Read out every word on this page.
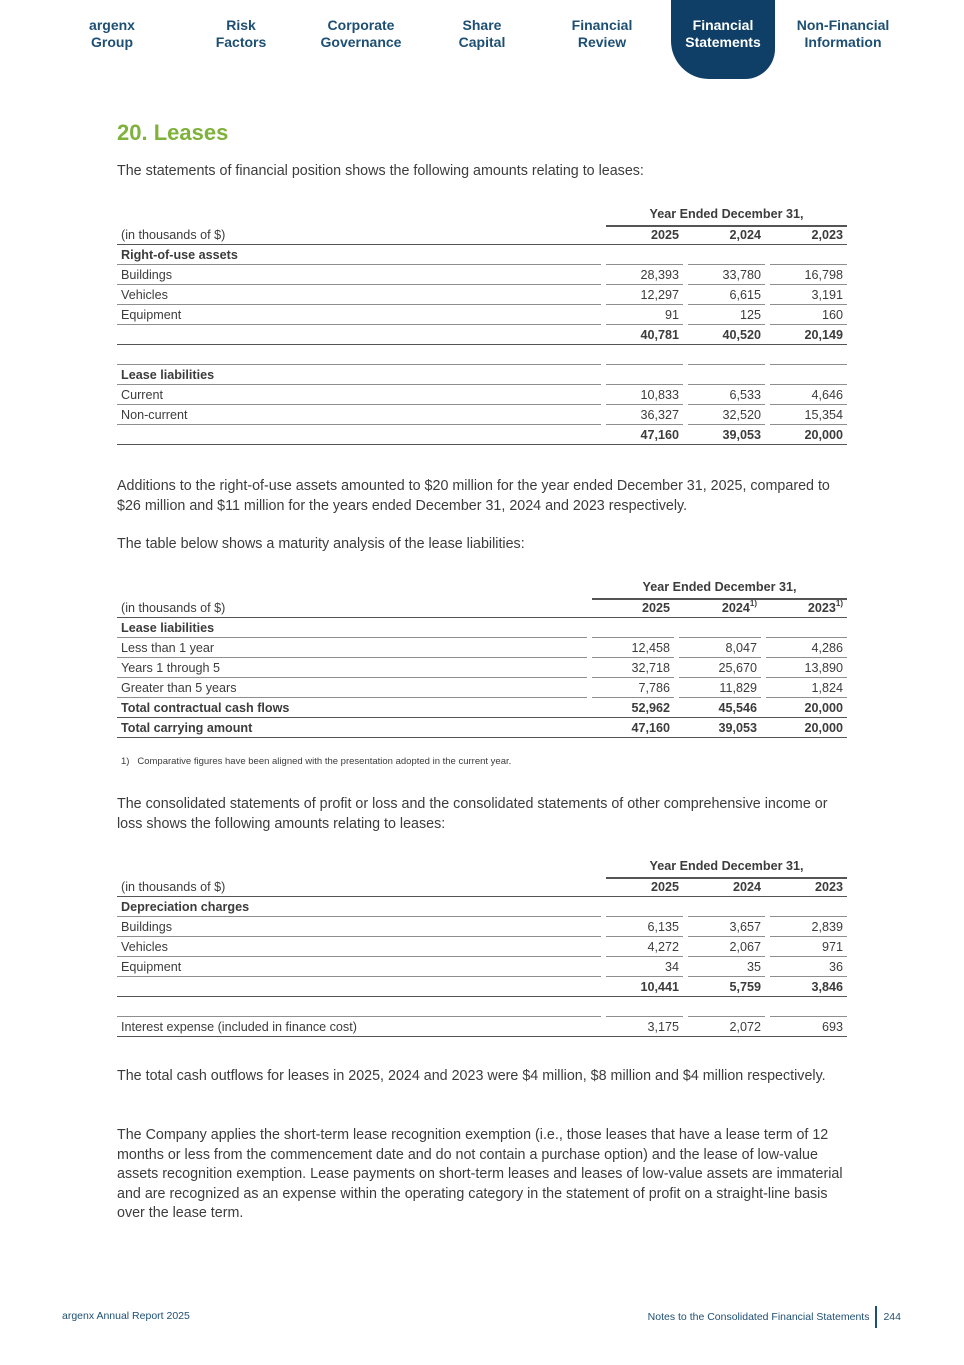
argenx
Group
Risk
Factors
Corporate
Governance
Share
Capital
Financial
Review
Financial
Statements
Non-Financial
Information
20. Leases

The statements of financial position shows the following amounts relating to leases:

Year Ended December 31,
(in thousands of $)		2025		2,024		2,023
Right-of-use assets						
Buildings		28,393		33,780		16,798
Vehicles		12,297		6,615		3,191
Equipment		91		125		160
		40,781		40,520		20,149

Lease liabilities						
Current		10,833		6,533		4,646
Non-current		36,327		32,520		15,354
		47,160		39,053		20,000

Additions to the right-of-use assets amounted to $20 million for the year ended December 31, 2025, compared to $26 million and $11 million for the years ended December 31, 2024 and 2023 respectively.

The table below shows a maturity analysis of the lease liabilities:

Year Ended December 31,
(in thousands of $)		2025		2024$^{1)}$		2023$^{1)}$
Lease liabilities						
Less than 1 year		12,458		8,047		4,286
Years 1 through 5		32,718		25,670		13,890
Greater than 5 years		7,786		11,829		1,824
Total contractual cash flows		52,962		45,546		20,000
Total carrying amount		47,160		39,053		20,000
1)   Comparative figures have been aligned with the presentation adopted in the current year.

The consolidated statements of profit or loss and the consolidated statements of other comprehensive income or loss shows the following amounts relating to leases:

Year Ended December 31,
(in thousands of $)		2025		2024		2023
Depreciation charges						
Buildings		6,135		3,657		2,839
Vehicles		4,272		2,067		971
Equipment		34		35		36
		10,441		5,759		3,846

Interest expense (included in finance cost)		3,175		2,072		693

The total cash outflows for leases in 2025, 2024 and 2023 were $4 million, $8 million and $4 million respectively.

The Company applies the short-term lease recognition exemption (i.e., those leases that have a lease term of 12 months or less from the commencement date and do not contain a purchase option) and the lease of low-value assets recognition exemption. Lease payments on short-term leases and leases of low-value assets are immaterial and are recognized as an expense within the operating category in the statement of profit on a straight-line basis over the lease term.

argenx Annual Report 2025	Notes to the Consolidated Financial Statements 244
